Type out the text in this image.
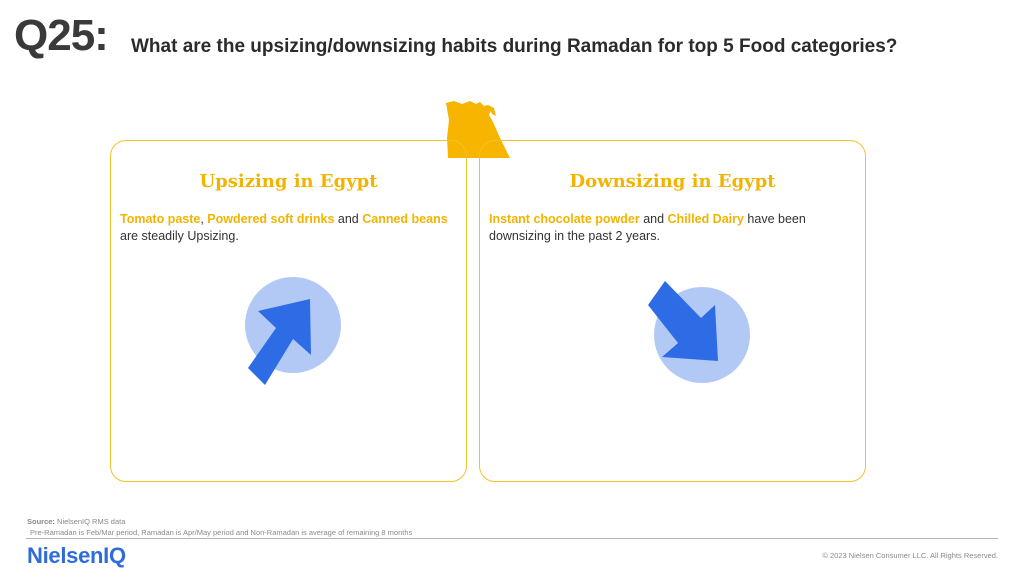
Q25: What are the upsizing/downsizing habits during Ramadan for top 5 Food categories?
Upsizing in Egypt
Tomato paste, Powdered soft drinks and Canned beans are steadily Upsizing.
Downsizing in Egypt
Instant chocolate powder and Chilled Dairy have been downsizing in the past 2 years.
Source: NielsenIQ RMS data
Pre-Ramadan is Feb/Mar period, Ramadan is Apr/May period and Non-Ramadan is average of remaining 8 months
NielsenIQ	© 2023 Nielsen Consumer LLC. All Rights Reserved.
